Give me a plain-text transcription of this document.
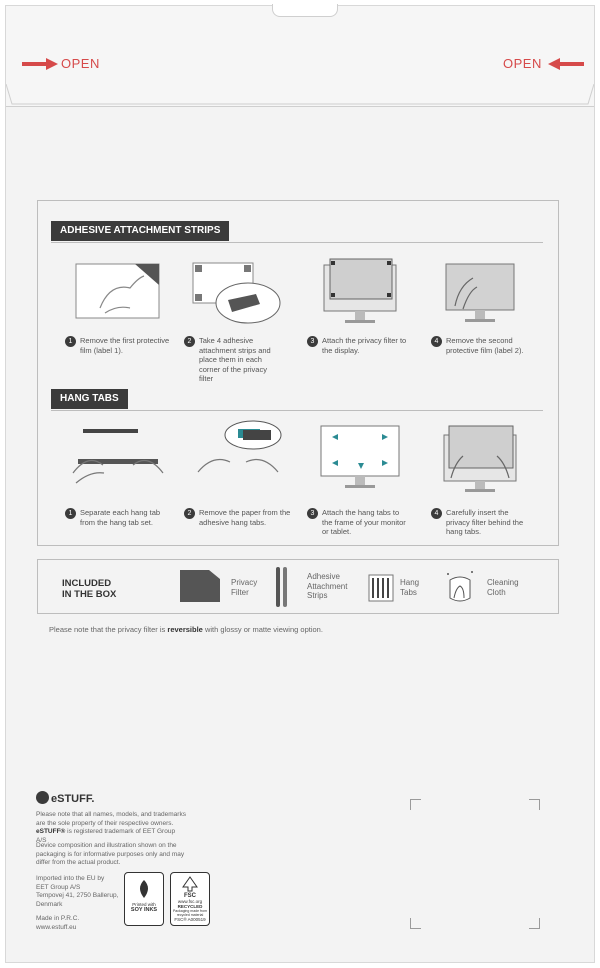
OPEN	OPEN
ADHESIVE ATTACHMENT STRIPS
1	Remove the first protective film (label 1).
2	Take 4 adhesive attachment strips and place them in each corner of the privacy filter
3	Attach the privacy filter to the display.
4	Remove the second protective film (label 2).
HANG TABS
1	Separate each hang tab from the hang tab set.
2	Remove the paper from the adhesive hang tabs.
3	Attach the hang tabs to the frame of your monitor or tablet.
4	Carefully insert the privacy filter behind the hang tabs.
INCLUDED
IN THE BOX
Privacy
Filter
Adhesive
Attachment
Strips
Hang
Tabs
Cleaning
Cloth
Please note that the privacy filter is reversible with glossy or matte viewing option.
eSTUFF.
Please note that all names, models, and trademarks are the sole property of their respective owners. eSTUFF® is registered trademark of EET Group A/S
Device composition and illustration shown on the packaging is for informative purposes only and may differ from the actual product.
Imported into the EU by
EET Group A/S
Tempovej 41, 2750 Ballerup,
Denmark
Made in P.R.C.
www.estuff.eu
Printed with
SOY INKS
FSC
www.fsc.org
RECYCLED
Packaging made from recycled material
FSC® A000519
